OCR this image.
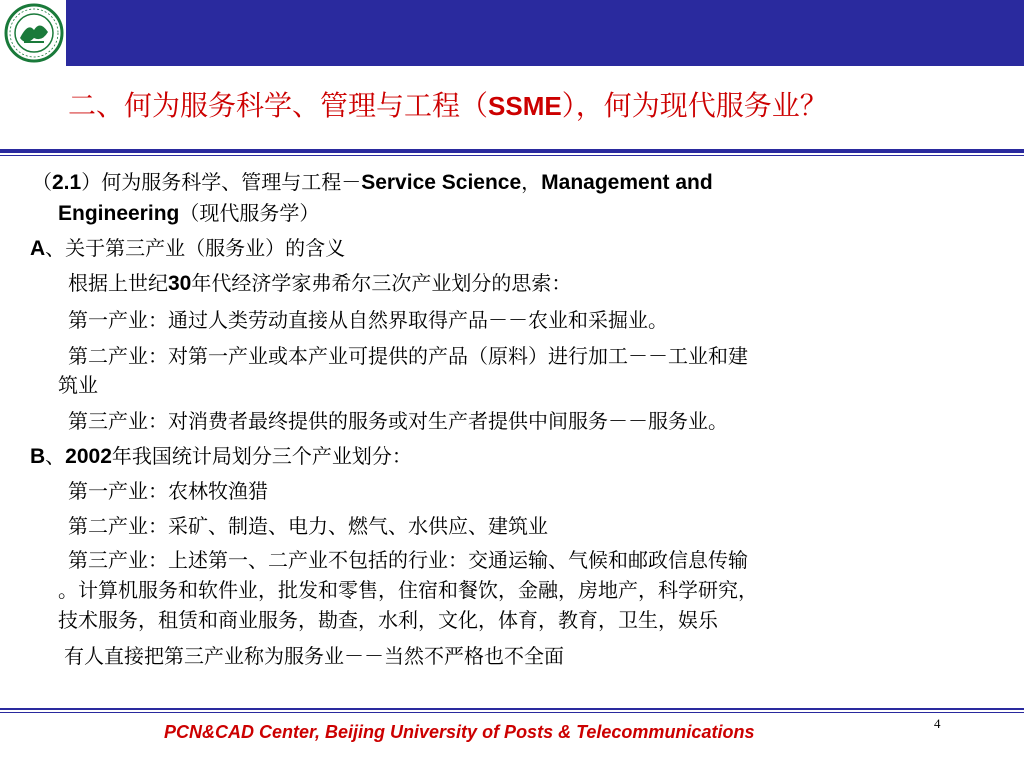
二、何为服务科学、管理与工程（SSME），何为现代服务业？
（2.1）何为服务科学、管理与工程－Service Science，Management and
Engineering（现代服务学）
A、关于第三产业（服务业）的含义
根据上世纪30年代经济学家弗希尔三次产业划分的思索：
第一产业：通过人类劳动直接从自然界取得产品－－农业和采掘业。
第二产业：对第一产业或本产业可提供的产品（原料）进行加工－－工业和建
筑业
第三产业：对消费者最终提供的服务或对生产者提供中间服务－－服务业。
B、2002年我国统计局划分三个产业划分：
第一产业：农林牧渔猎
第二产业：采矿、制造、电力、燃气、水供应、建筑业
第三产业：上述第一、二产业不包括的行业：交通运输、气候和邮政信息传输
。计算机服务和软件业，批发和零售，住宿和餐饮，金融，房地产，科学研究，
技术服务，租赁和商业服务，勘查，水利，文化，体育，教育，卫生，娱乐
有人直接把第三产业称为服务业－－当然不严格也不全面
PCN&CAD Center, Beijing University of Posts & Telecommunications	4
